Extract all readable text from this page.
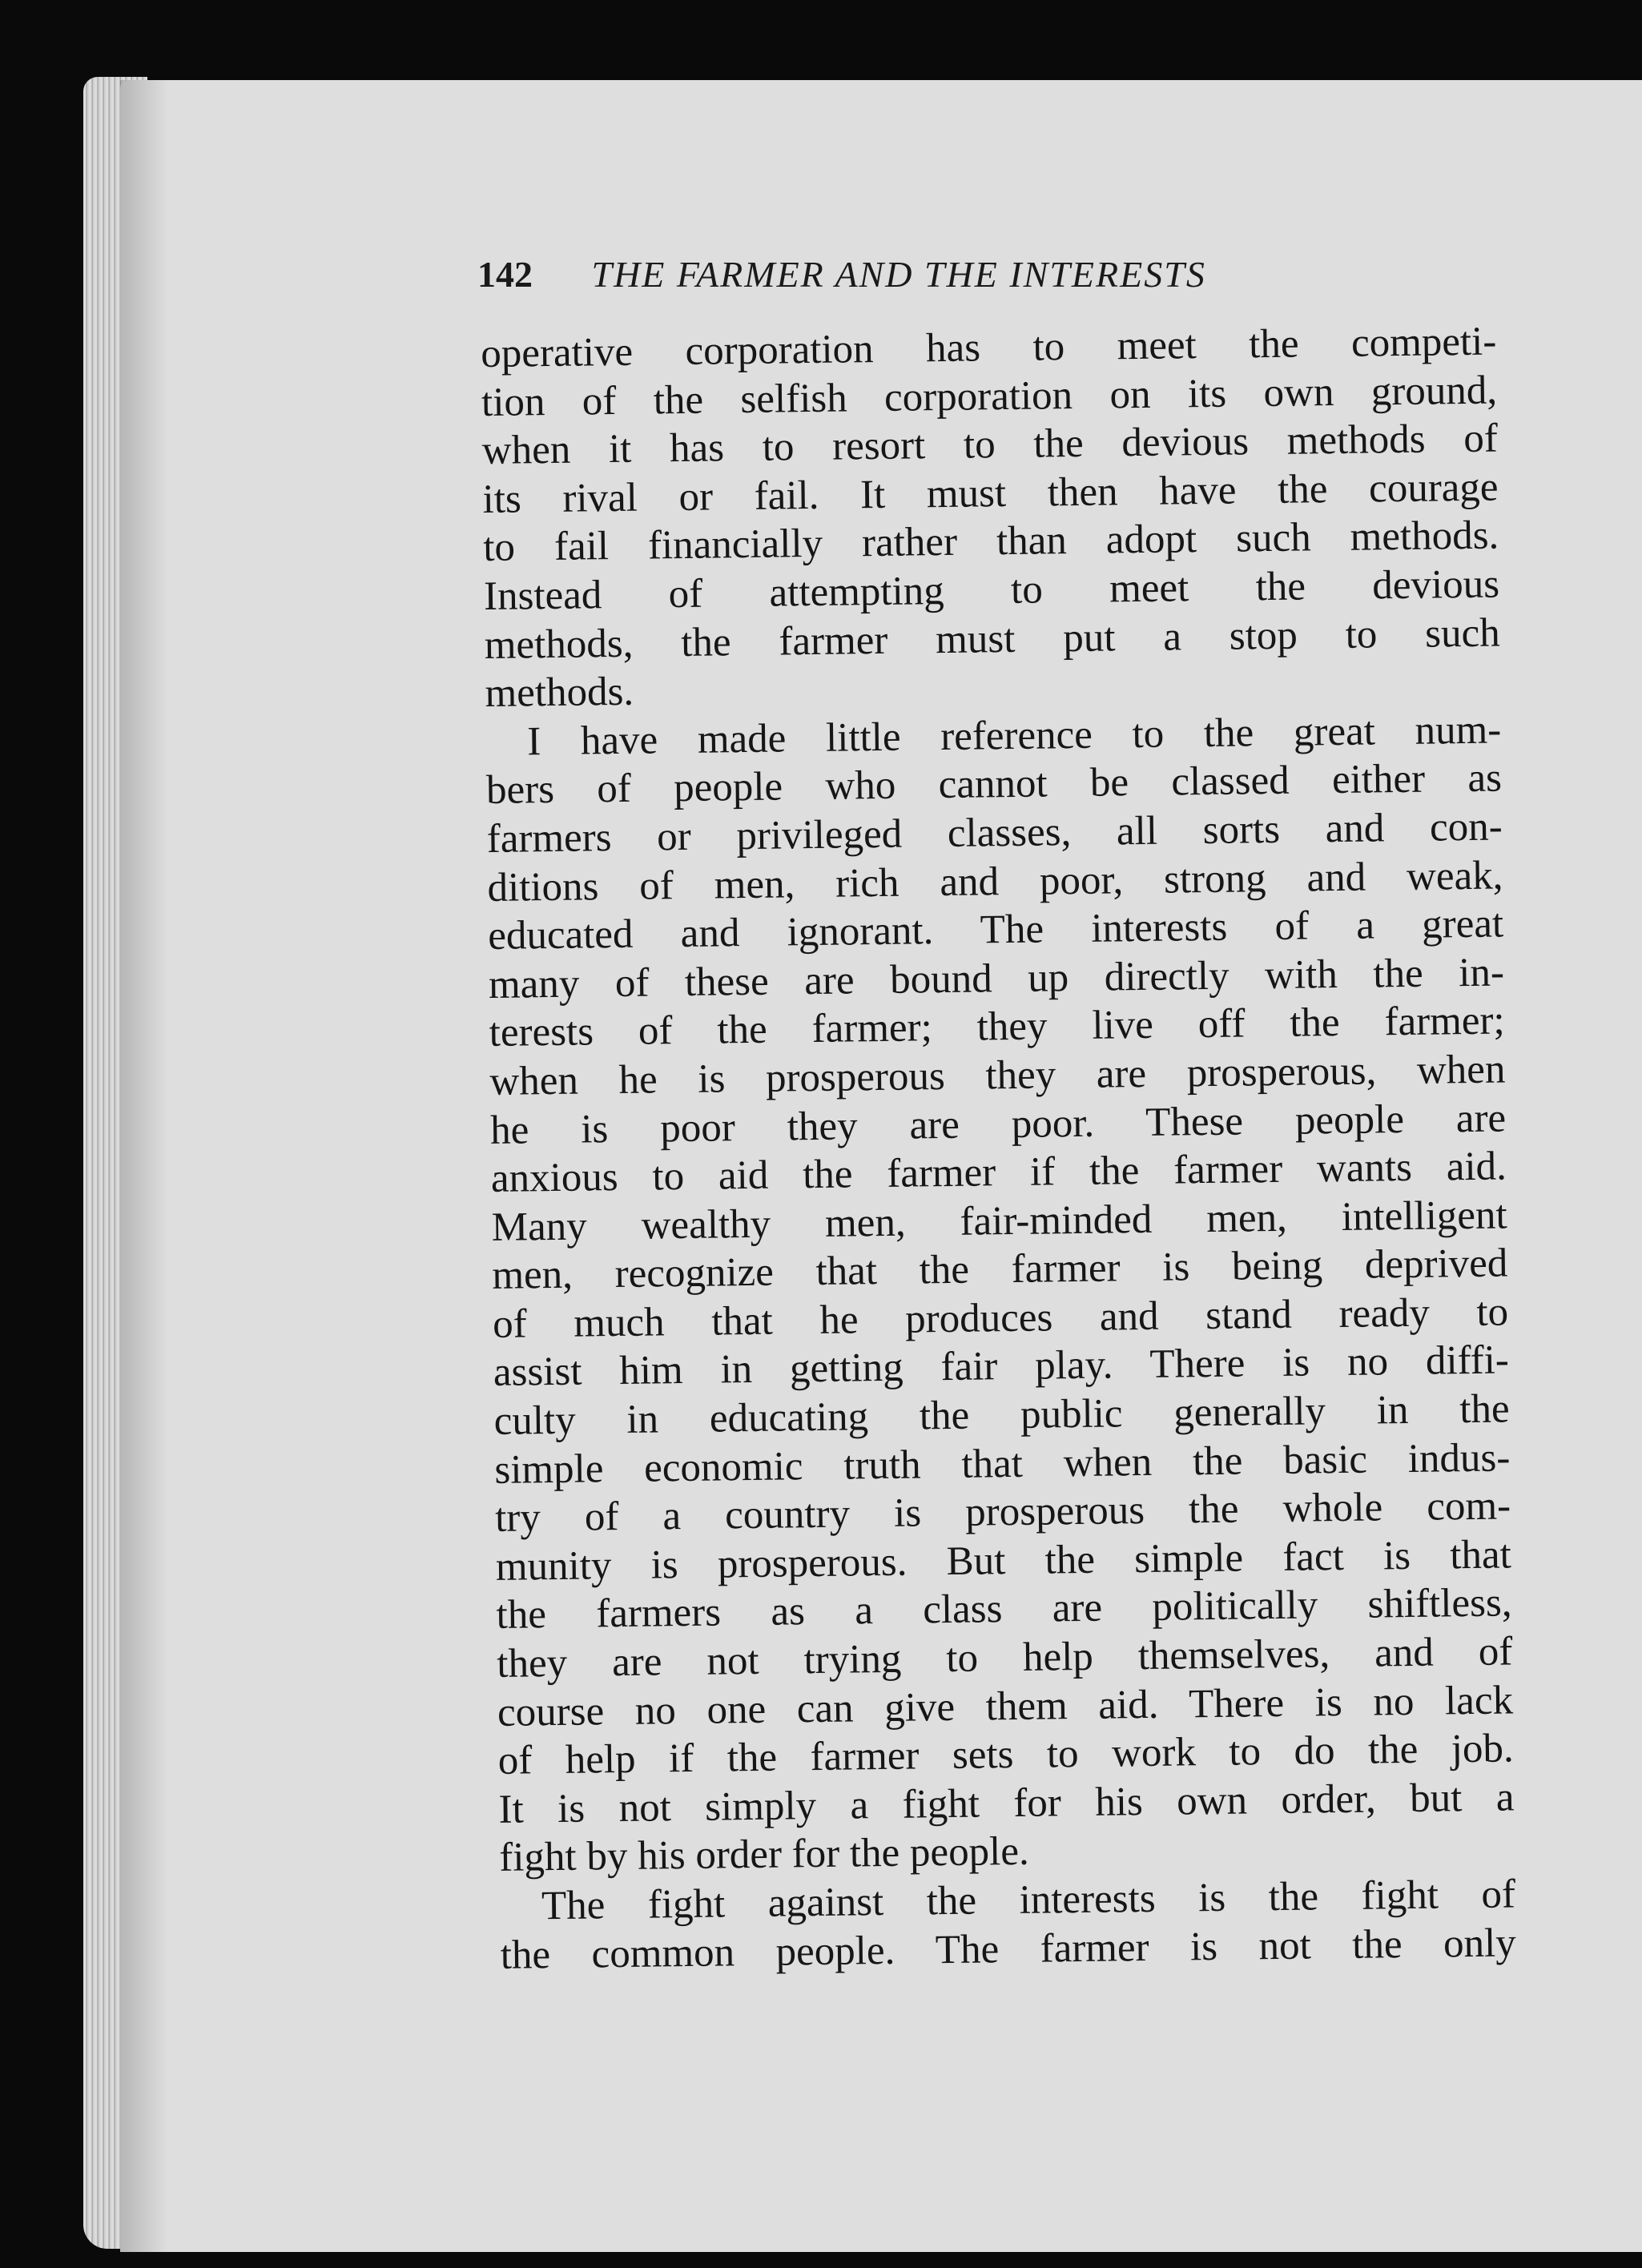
142 THE FARMER AND THE INTERESTS
operative corporation has to meet the competi-
tion of the selfish corporation on its own ground,
when it has to resort to the devious methods of
its rival or fail. It must then have the courage
to fail financially rather than adopt such methods.
Instead of attempting to meet the devious
methods, the farmer must put a stop to such
methods.
I have made little reference to the great num-
bers of people who cannot be classed either as
farmers or privileged classes, all sorts and con-
ditions of men, rich and poor, strong and weak,
educated and ignorant. The interests of a great
many of these are bound up directly with the in-
terests of the farmer; they live off the farmer;
when he is prosperous they are prosperous, when
he is poor they are poor. These people are
anxious to aid the farmer if the farmer wants aid.
Many wealthy men, fair-minded men, intelligent
men, recognize that the farmer is being deprived
of much that he produces and stand ready to
assist him in getting fair play. There is no diffi-
culty in educating the public generally in the
simple economic truth that when the basic indus-
try of a country is prosperous the whole com-
munity is prosperous. But the simple fact is that
the farmers as a class are politically shiftless,
they are not trying to help themselves, and of
course no one can give them aid. There is no lack
of help if the farmer sets to work to do the job.
It is not simply a fight for his own order, but a
fight by his order for the people.
The fight against the interests is the fight of
the common people. The farmer is not the only
